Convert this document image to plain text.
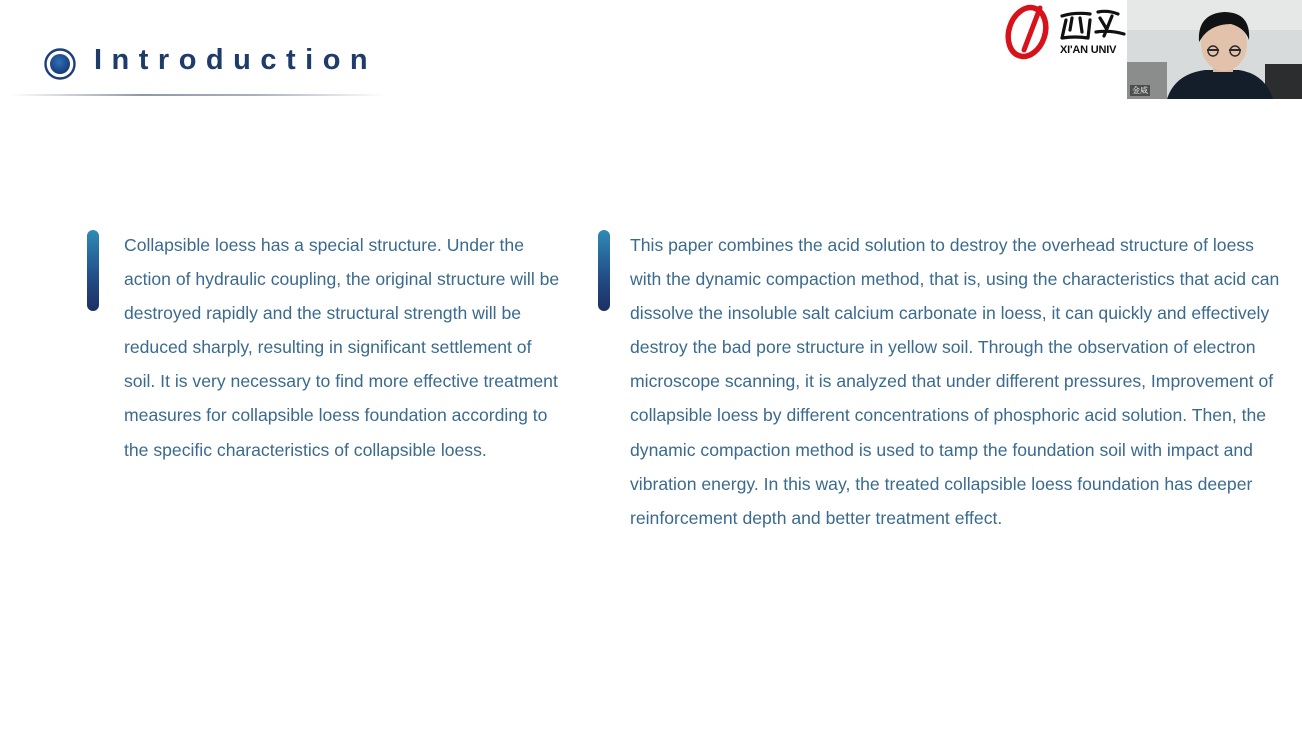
Introduction	XI'AN UNIV
金威

Collapsible loess has a special structure. Under the action of hydraulic coupling, the original structure will be destroyed rapidly and the structural strength will be reduced sharply, resulting in significant settlement of soil. It is very necessary to find more effective treatment measures for collapsible loess foundation according to the specific characteristics of collapsible loess.

This paper combines the acid solution to destroy the overhead structure of loess with the dynamic compaction method, that is, using the characteristics that acid can dissolve the insoluble salt calcium carbonate in loess, it can quickly and effectively destroy the bad pore structure in yellow soil. Through the observation of electron microscope scanning, it is analyzed that under different pressures, Improvement of collapsible loess by different concentrations of phosphoric acid solution. Then, the dynamic compaction method is used to tamp the foundation soil with impact and vibration energy. In this way, the treated collapsible loess foundation has deeper reinforcement depth and better treatment effect.
